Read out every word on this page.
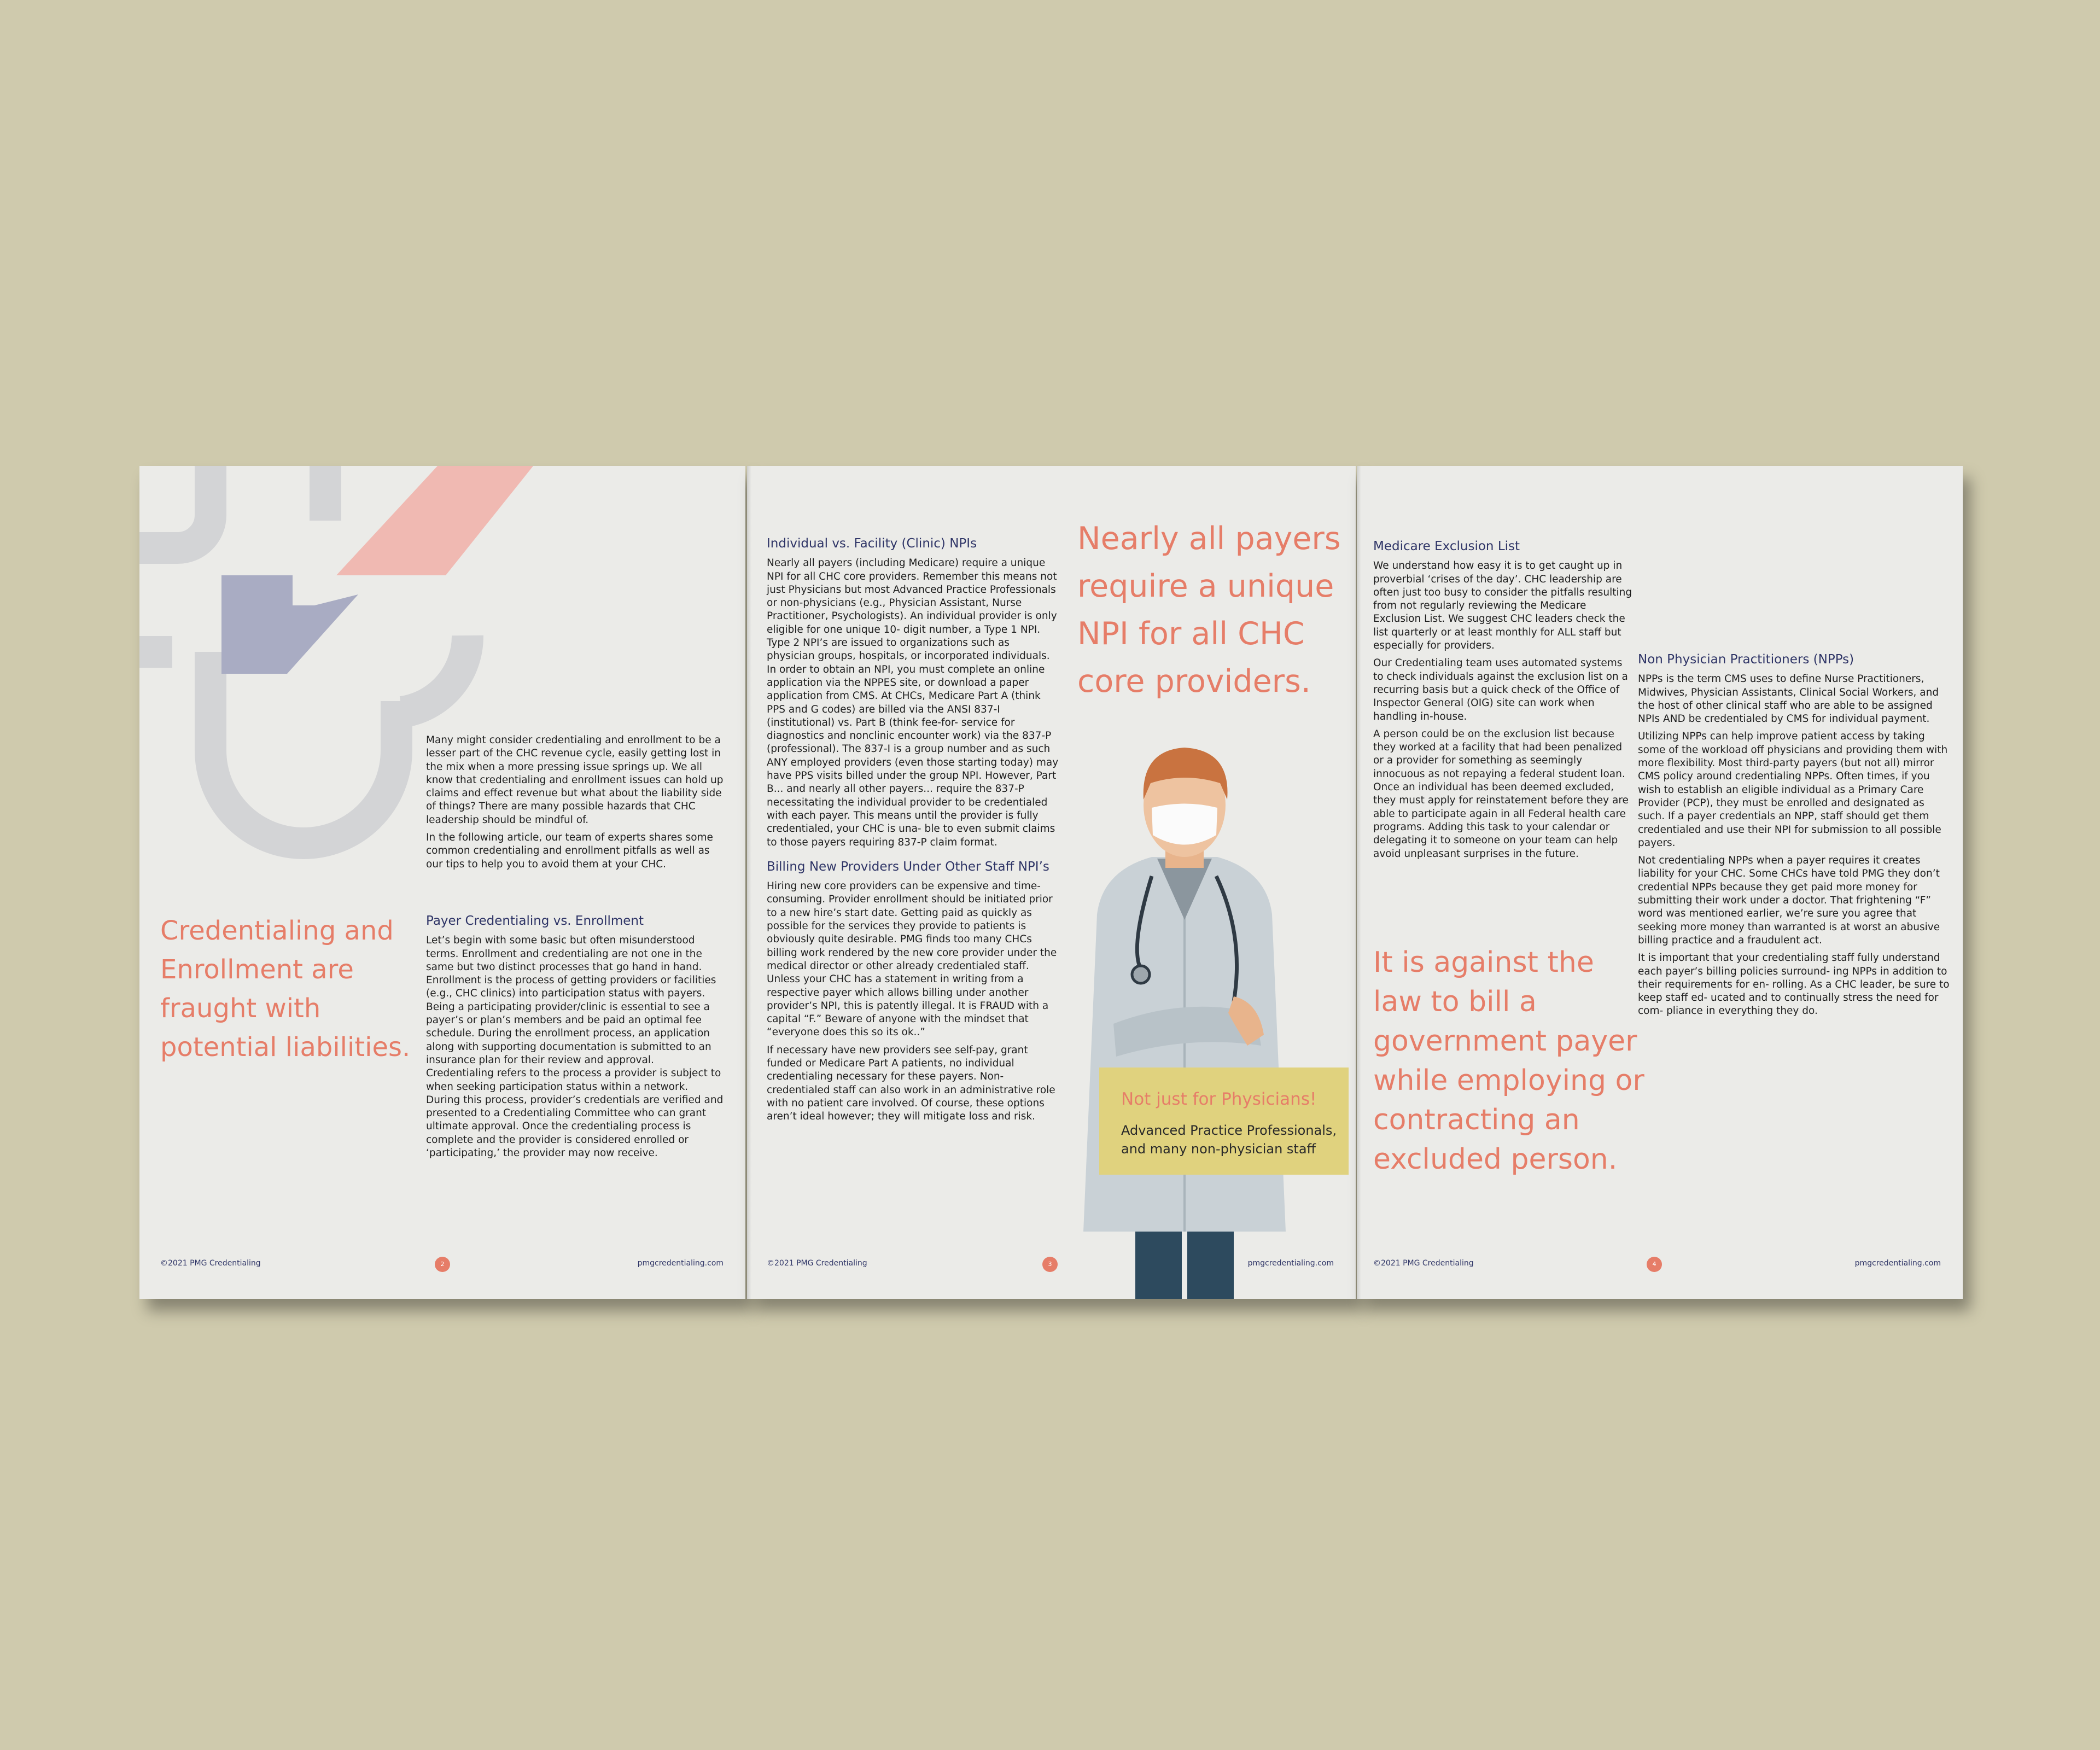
Many might consider credentialing and enrollment to be a lesser part of the CHC revenue cycle, easily getting lost in the mix when a more pressing issue springs up. We all know that credentialing and enrollment issues can hold up claims and effect revenue but what about the liability side of things? There are many possible hazards that CHC leadership should be mindful of.

In the following article, our team of experts shares some common credentialing and enrollment pitfalls as well as our tips to help you to avoid them at your CHC.

Credentialing and Enrollment are fraught with potential liabilities.
Payer Credentialing vs. Enrollment

Let’s begin with some basic but often misunderstood terms. Enrollment and credentialing are not one in the same but two distinct processes that go hand in hand. Enrollment is the process of getting providers or facilities (e.g., CHC clinics) into participation status with payers. Being a participating provider/clinic is essential to see a payer’s or plan’s members and be paid an optimal fee schedule. During the enrollment process, an application along with supporting documentation is submitted to an insurance plan for their review and approval. Credentialing refers to the process a provider is subject to when seeking participation status within a network. During this process, provider’s credentials are verified and presented to a Credentialing Committee who can grant ultimate approval. Once the credentialing process is complete and the provider is considered enrolled or ‘participating,’ the provider may now receive.

©2021 PMG Credentialing	2	pmgcredentialing.com
Individual vs. Facility (Clinic) NPIs

Nearly all payers (including Medicare) require a unique NPI for all CHC core providers. Remember this means not just Physicians but most Advanced Practice Professionals or non-physicians (e.g., Physician Assistant, Nurse Practitioner, Psychologists). An individual provider is only eligible for one unique 10- digit number, a Type 1 NPI. Type 2 NPI’s are issued to organizations such as physician groups, hospitals, or incorporated individuals. In order to obtain an NPI, you must complete an online application via the NPPES site, or download a paper application from CMS. At CHCs, Medicare Part A (think PPS and G codes) are billed via the ANSI 837-I (institutional) vs. Part B (think fee-for- service for diagnostics and nonclinic encounter work) via the 837-P (professional). The 837-I is a group number and as such ANY employed providers (even those starting today) may have PPS visits billed under the group NPI. However, Part B... and nearly all other payers... require the 837-P necessitating the individual provider to be credentialed with each payer. This means until the provider is fully credentialed, your CHC is una- ble to even submit claims to those payers requiring 837-P claim format.

Billing New Providers Under Other Staff NPI’s

Hiring new core providers can be expensive and time- consuming. Provider enrollment should be initiated prior to a new hire’s start date. Getting paid as quickly as possible for the services they provide to patients is obviously quite desirable. PMG finds too many CHCs billing work rendered by the new core provider under the medical director or other already credentialed staff. Unless your CHC has a statement in writing from a respective payer which allows billing under another provider’s NPI, this is patently illegal. It is FRAUD with a capital “F.” Beware of anyone with the mindset that “everyone does this so its ok..”

If necessary have new providers see self-pay, grant funded or Medicare Part A patients, no individual credentialing necessary for these payers. Non-credentialed staff can also work in an administrative role with no patient care involved. Of course, these options aren’t ideal however; they will mitigate loss and risk.

Nearly all payers require a unique NPI for all CHC core providers.
Not just for Physicians!
Advanced Practice Professionals, and many non-physician staff
©2021 PMG Credentialing	3	pmgcredentialing.com
Medicare Exclusion List

We understand how easy it is to get caught up in proverbial ‘crises of the day’. CHC leadership are often just too busy to consider the pitfalls resulting from not regularly reviewing the Medicare Exclusion List. We suggest CHC leaders check the list quarterly or at least monthly for ALL staff but especially for providers.

Our Credentialing team uses automated systems to check individuals against the exclusion list on a recurring basis but a quick check of the Office of Inspector General (OIG) site can work when handling in-house.

A person could be on the exclusion list because they worked at a facility that had been penalized or a provider for something as seemingly innocuous as not repaying a federal student loan. Once an individual has been deemed excluded, they must apply for reinstatement before they are able to participate again in all Federal health care programs. Adding this task to your calendar or delegating it to someone on your team can help avoid unpleasant surprises in the future.

It is against the law to bill a government payer while employing or contracting an excluded person.
Non Physician Practitioners (NPPs)

NPPs is the term CMS uses to define Nurse Practitioners, Midwives, Physician Assistants, Clinical Social Workers, and the host of other clinical staff who are able to be assigned NPIs AND be credentialed by CMS for individual payment.

Utilizing NPPs can help improve patient access by taking some of the workload off physicians and providing them with more flexibility. Most third-party payers (but not all) mirror CMS policy around credentialing NPPs. Often times, if you wish to establish an eligible individual as a Primary Care Provider (PCP), they must be enrolled and designated as such. If a payer credentials an NPP, staff should get them credentialed and use their NPI for submission to all possible payers.

Not credentialing NPPs when a payer requires it creates liability for your CHC. Some CHCs have told PMG they don’t credential NPPs because they get paid more money for submitting their work under a doctor. That frightening “F” word was mentioned earlier, we’re sure you agree that seeking more money than warranted is at worst an abusive billing practice and a fraudulent act.

It is important that your credentialing staff fully understand each payer’s billing policies surround- ing NPPs in addition to their requirements for en- rolling. As a CHC leader, be sure to keep staff ed- ucated and to continually stress the need for com- pliance in everything they do.

©2021 PMG Credentialing	4	pmgcredentialing.com
